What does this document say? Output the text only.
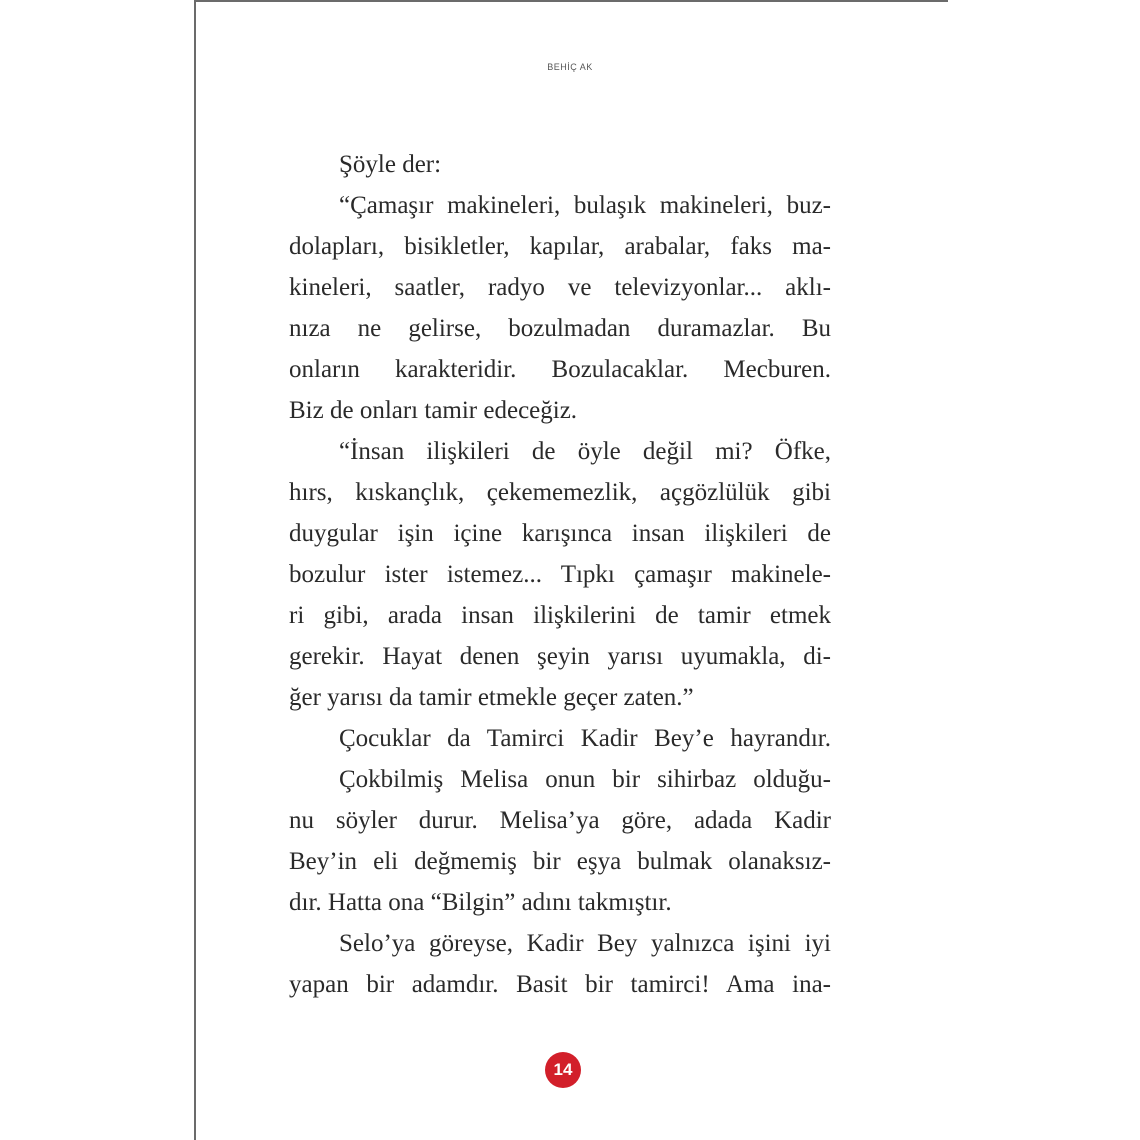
BEHİÇ AK
Şöyle der:
“Çamaşır makineleri, bulaşık makineleri, buz-
dolapları, bisikletler, kapılar, arabalar, faks ma-
kineleri, saatler, radyo ve televizyonlar... aklı-
nıza ne gelirse, bozulmadan duramazlar. Bu
onların karakteridir. Bozulacaklar. Mecburen.
Biz de onları tamir edeceğiz.
“İnsan ilişkileri de öyle değil mi? Öfke,
hırs, kıskançlık, çekememezlik, açgözlülük gibi
duygular işin içine karışınca insan ilişkileri de
bozulur ister istemez... Tıpkı çamaşır makinele-
ri gibi, arada insan ilişkilerini de tamir etmek
gerekir. Hayat denen şeyin yarısı uyumakla, di-
ğer yarısı da tamir etmekle geçer zaten.”
Çocuklar da Tamirci Kadir Bey’e hayrandır.
Çokbilmiş Melisa onun bir sihirbaz olduğu-
nu söyler durur. Melisa’ya göre, adada Kadir
Bey’in eli değmemiş bir eşya bulmak olanaksız-
dır. Hatta ona “Bilgin” adını takmıştır.
Selo’ya göreyse, Kadir Bey yalnızca işini iyi
yapan bir adamdır. Basit bir tamirci! Ama ina-
14
